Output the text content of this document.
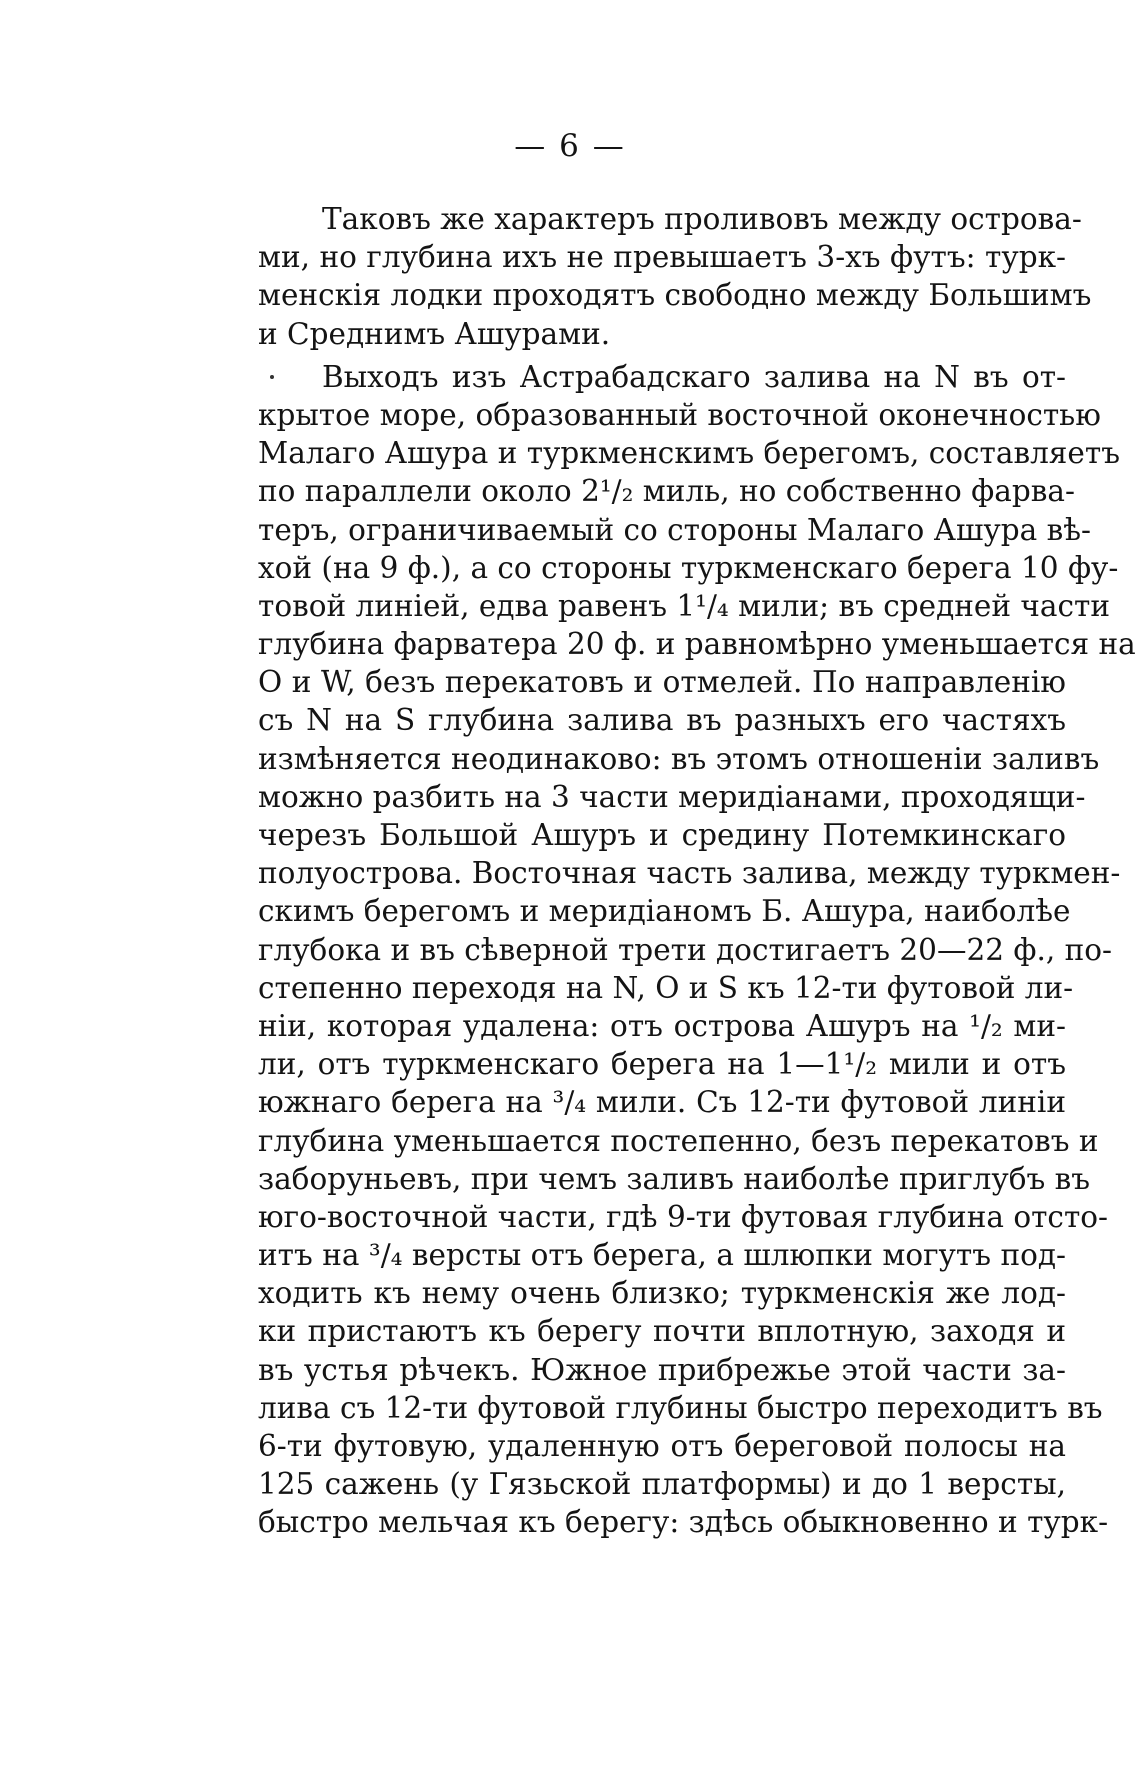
— 6 —
Таковъ же характеръ проливовъ между острова-
ми, но глубина ихъ не превышаетъ 3-хъ футъ: турк-
менскія лодки проходятъ свободно между Большимъ
и Среднимъ Ашурами.
Выходъ изъ Астрабадскаго залива на N въ от-
крытое море, образованный восточной оконечностью
Малаго Ашура и туркменскимъ берегомъ, составляетъ
по параллели около 2¹/₂ миль, но собственно фарва-
теръ, ограничиваемый со стороны Малаго Ашура вѣ-
хой (на 9 ф.), а со стороны туркменскаго берега 10 фу-
товой линіей, едва равенъ 1¹/₄ мили; въ средней части
глубина фарватера 20 ф. и равномѣрно уменьшается на
O и W, безъ перекатовъ и отмелей. По направленію
съ N на S глубина залива въ разныхъ его частяхъ
измѣняется неодинаково: въ этомъ отношеніи заливъ
можно разбить на 3 части меридіанами, проходящи-
черезъ Большой Ашуръ и средину Потемкинскаго
полуострова. Восточная часть залива, между туркмен-
скимъ берегомъ и меридіаномъ Б. Ашура, наиболѣе
глубока и въ сѣверной трети достигаетъ 20—22 ф., по-
степенно переходя на N, O и S къ 12-ти футовой ли-
ніи, которая удалена: отъ острова Ашуръ на ¹/₂ ми-
ли, отъ туркменскаго берега на 1—1¹/₂ мили и отъ
южнаго берега на ³/₄ мили. Съ 12-ти футовой линіи
глубина уменьшается постепенно, безъ перекатовъ и
заборуньевъ, при чемъ заливъ наиболѣе приглубъ въ
юго-восточной части, гдѣ 9-ти футовая глубина отсто-
итъ на ³/₄ версты отъ берега, а шлюпки могутъ под-
ходить къ нему очень близко; туркменскія же лод-
ки пристаютъ къ берегу почти вплотную, заходя и
въ устья рѣчекъ. Южное прибрежье этой части за-
лива съ 12-ти футовой глубины быстро переходитъ въ
6-ти футовую, удаленную отъ береговой полосы на
125 сажень (у Гязьской платформы) и до 1 версты,
быстро мельчая къ берегу: здѣсь обыкновенно и турк-
